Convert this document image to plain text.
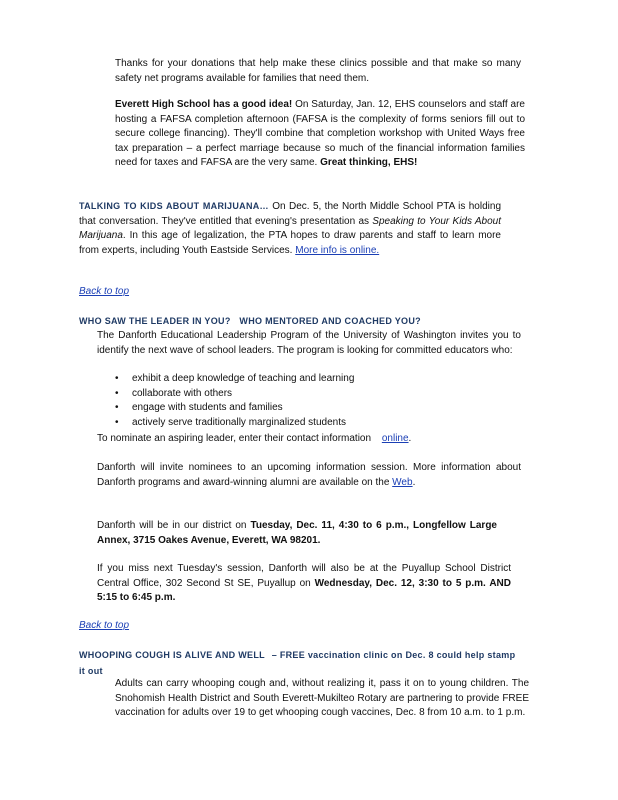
Thanks for your donations that help make these clinics possible and that make so many safety net programs available for families that need them.
Everett High School has a good idea! On Saturday, Jan. 12, EHS counselors and staff are hosting a FAFSA completion afternoon (FAFSA is the complexity of forms seniors fill out to secure college financing). They'll combine that completion workshop with United Ways free tax preparation – a perfect marriage because so much of the financial information families need for taxes and FAFSA are the very same. Great thinking, EHS!
TALKING TO KIDS ABOUT MARIJUANA… On Dec. 5, the North Middle School PTA is holding that conversation. They've entitled that evening's presentation as Speaking to Your Kids About Marijuana. In this age of legalization, the PTA hopes to draw parents and staff to learn more from experts, including Youth Eastside Services. More info is online.
Back to top
WHO SAW THE LEADER IN YOU? WHO MENTORED AND COACHED YOU?
The Danforth Educational Leadership Program of the University of Washington invites you to identify the next wave of school leaders. The program is looking for committed educators who:
• exhibit a deep knowledge of teaching and learning
• collaborate with others
• engage with students and families
• actively serve traditionally marginalized students
To nominate an aspiring leader, enter their contact information online.
Danforth will invite nominees to an upcoming information session. More information about Danforth programs and award-winning alumni are available on the Web.
Danforth will be in our district on Tuesday, Dec. 11, 4:30 to 6 p.m., Longfellow Large Annex, 3715 Oakes Avenue, Everett, WA 98201.
If you miss next Tuesday's session, Danforth will also be at the Puyallup School District Central Office, 302 Second St SE, Puyallup on Wednesday, Dec. 12, 3:30 to 5 p.m. AND 5:15 to 6:45 p.m.
Back to top
WHOOPING COUGH IS ALIVE AND WELL – FREE vaccination clinic on Dec. 8 could help stamp it out
Adults can carry whooping cough and, without realizing it, pass it on to young children. The Snohomish Health District and South Everett-Mukilteo Rotary are partnering to provide FREE vaccination for adults over 19 to get whooping cough vaccines, Dec. 8 from 10 a.m. to 1 p.m.
